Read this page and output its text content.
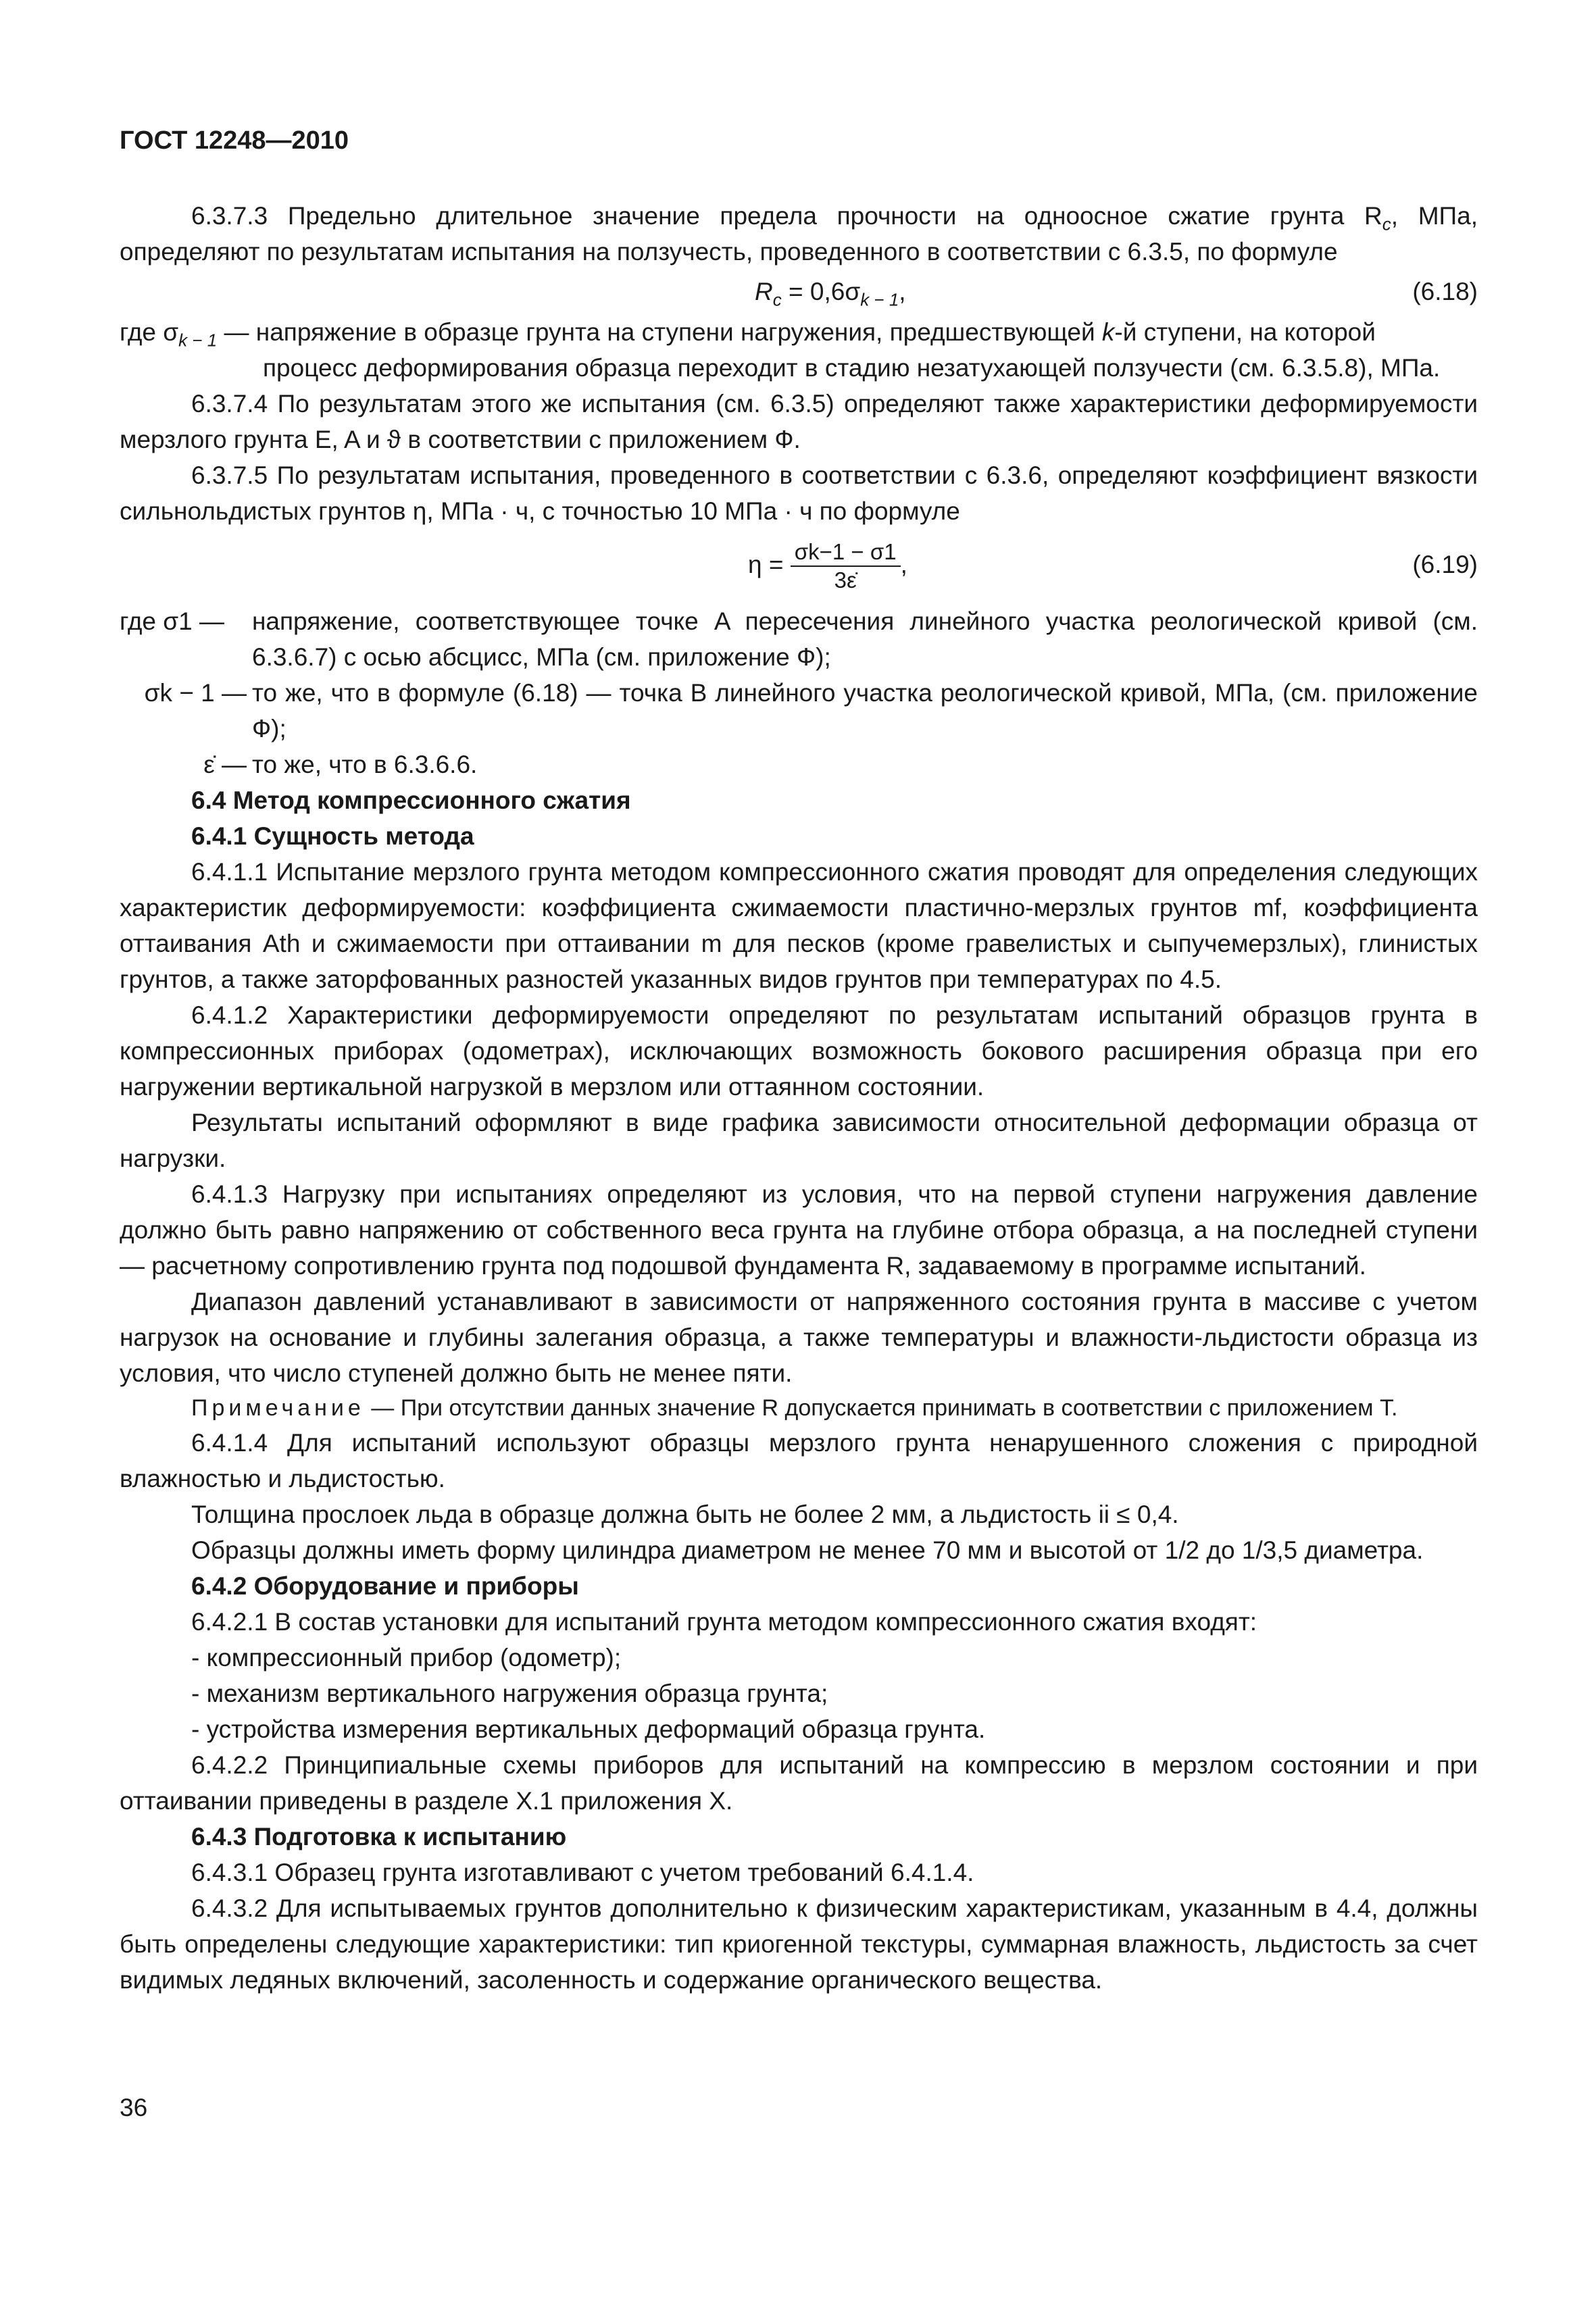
ГОСТ 12248—2010

6.3.7.3 Предельно длительное значение предела прочности на одноосное сжатие грунта $R_c$, МПа, определяют по результатам испытания на ползучесть, проведенного в соответствии с 6.3.5, по формуле

$R_c = 0,6\sigma_{k - 1}$,	(6.18)

где $\sigma_{k - 1}$ — напряжение в образце грунта на ступени нагружения, предшествующей k-й ступени, на которой

процесс деформирования образца переходит в стадию незатухающей ползучести (см. 6.3.5.8), МПа.

6.3.7.4 По результатам этого же испытания (см. 6.3.5) определяют также характеристики деформируемости мерзлого грунта E, A и ϑ в соответствии с приложением Ф.

6.3.7.5 По результатам испытания, проведенного в соответствии с 6.3.6, определяют коэффициент вязкости сильнольдистых грунтов η, МПа · ч, с точностью 10 МПа · ч по формуле

$\eta = \frac{\sigma k-1 - \sigma 1}{3\varepsiloṅ}$ ,	(6.19)
где σ1 —	напряжение, соответствующее точке A пересечения линейного участка реологической кривой (см. 6.3.6.7) с осью абсцисс, МПа (см. приложение Ф);

σk − 1 — то же, что в формуле (6.18) — точка B линейного участка реологической кривой, МПа, (см. приложение Ф);

ε̇ — то же, что в 6.3.6.6.

6.4 Метод компрессионного сжатия

6.4.1 Сущность метода

6.4.1.1 Испытание мерзлого грунта методом компрессионного сжатия проводят для определения следующих характеристик деформируемости: коэффициента сжимаемости пластично-мерзлых грунтов mf, коэффициента оттаивания Ath и сжимаемости при оттаивании m для песков (кроме гравелистых и сыпучемерзлых), глинистых грунтов, а также заторфованных разностей указанных видов грунтов при температурах по 4.5.

6.4.1.2 Характеристики деформируемости определяют по результатам испытаний образцов грунта в компрессионных приборах (одометрах), исключающих возможность бокового расширения образца при его нагружении вертикальной нагрузкой в мерзлом или оттаянном состоянии.

Результаты испытаний оформляют в виде графика зависимости относительной деформации образца от нагрузки.

6.4.1.3 Нагрузку при испытаниях определяют из условия, что на первой ступени нагружения давление должно быть равно напряжению от собственного веса грунта на глубине отбора образца, а на последней ступени — расчетному сопротивлению грунта под подошвой фундамента R, задаваемому в программе испытаний.

Диапазон давлений устанавливают в зависимости от напряженного состояния грунта в массиве с учетом нагрузок на основание и глубины залегания образца, а также температуры и влажности-льдистости образца из условия, что число ступеней должно быть не менее пяти.

Примечание — При отсутствии данных значение R допускается принимать в соответствии с приложением Т.

6.4.1.4 Для испытаний используют образцы мерзлого грунта ненарушенного сложения с природной влажностью и льдистостью.

Толщина прослоек льда в образце должна быть не более 2 мм, а льдистость ii ≤ 0,4.

Образцы должны иметь форму цилиндра диаметром не менее 70 мм и высотой от 1/2 до 1/3,5 диаметра.

6.4.2 Оборудование и приборы

6.4.2.1 В состав установки для испытаний грунта методом компрессионного сжатия входят:

- компрессионный прибор (одометр);

- механизм вертикального нагружения образца грунта;

- устройства измерения вертикальных деформаций образца грунта.

6.4.2.2 Принципиальные схемы приборов для испытаний на компрессию в мерзлом состоянии и при оттаивании приведены в разделе Х.1 приложения Х.

6.4.3 Подготовка к испытанию

6.4.3.1 Образец грунта изготавливают с учетом требований 6.4.1.4.

6.4.3.2 Для испытываемых грунтов дополнительно к физическим характеристикам, указанным в 4.4, должны быть определены следующие характеристики: тип криогенной текстуры, суммарная влажность, льдистость за счет видимых ледяных включений, засоленность и содержание органического вещества.

36
